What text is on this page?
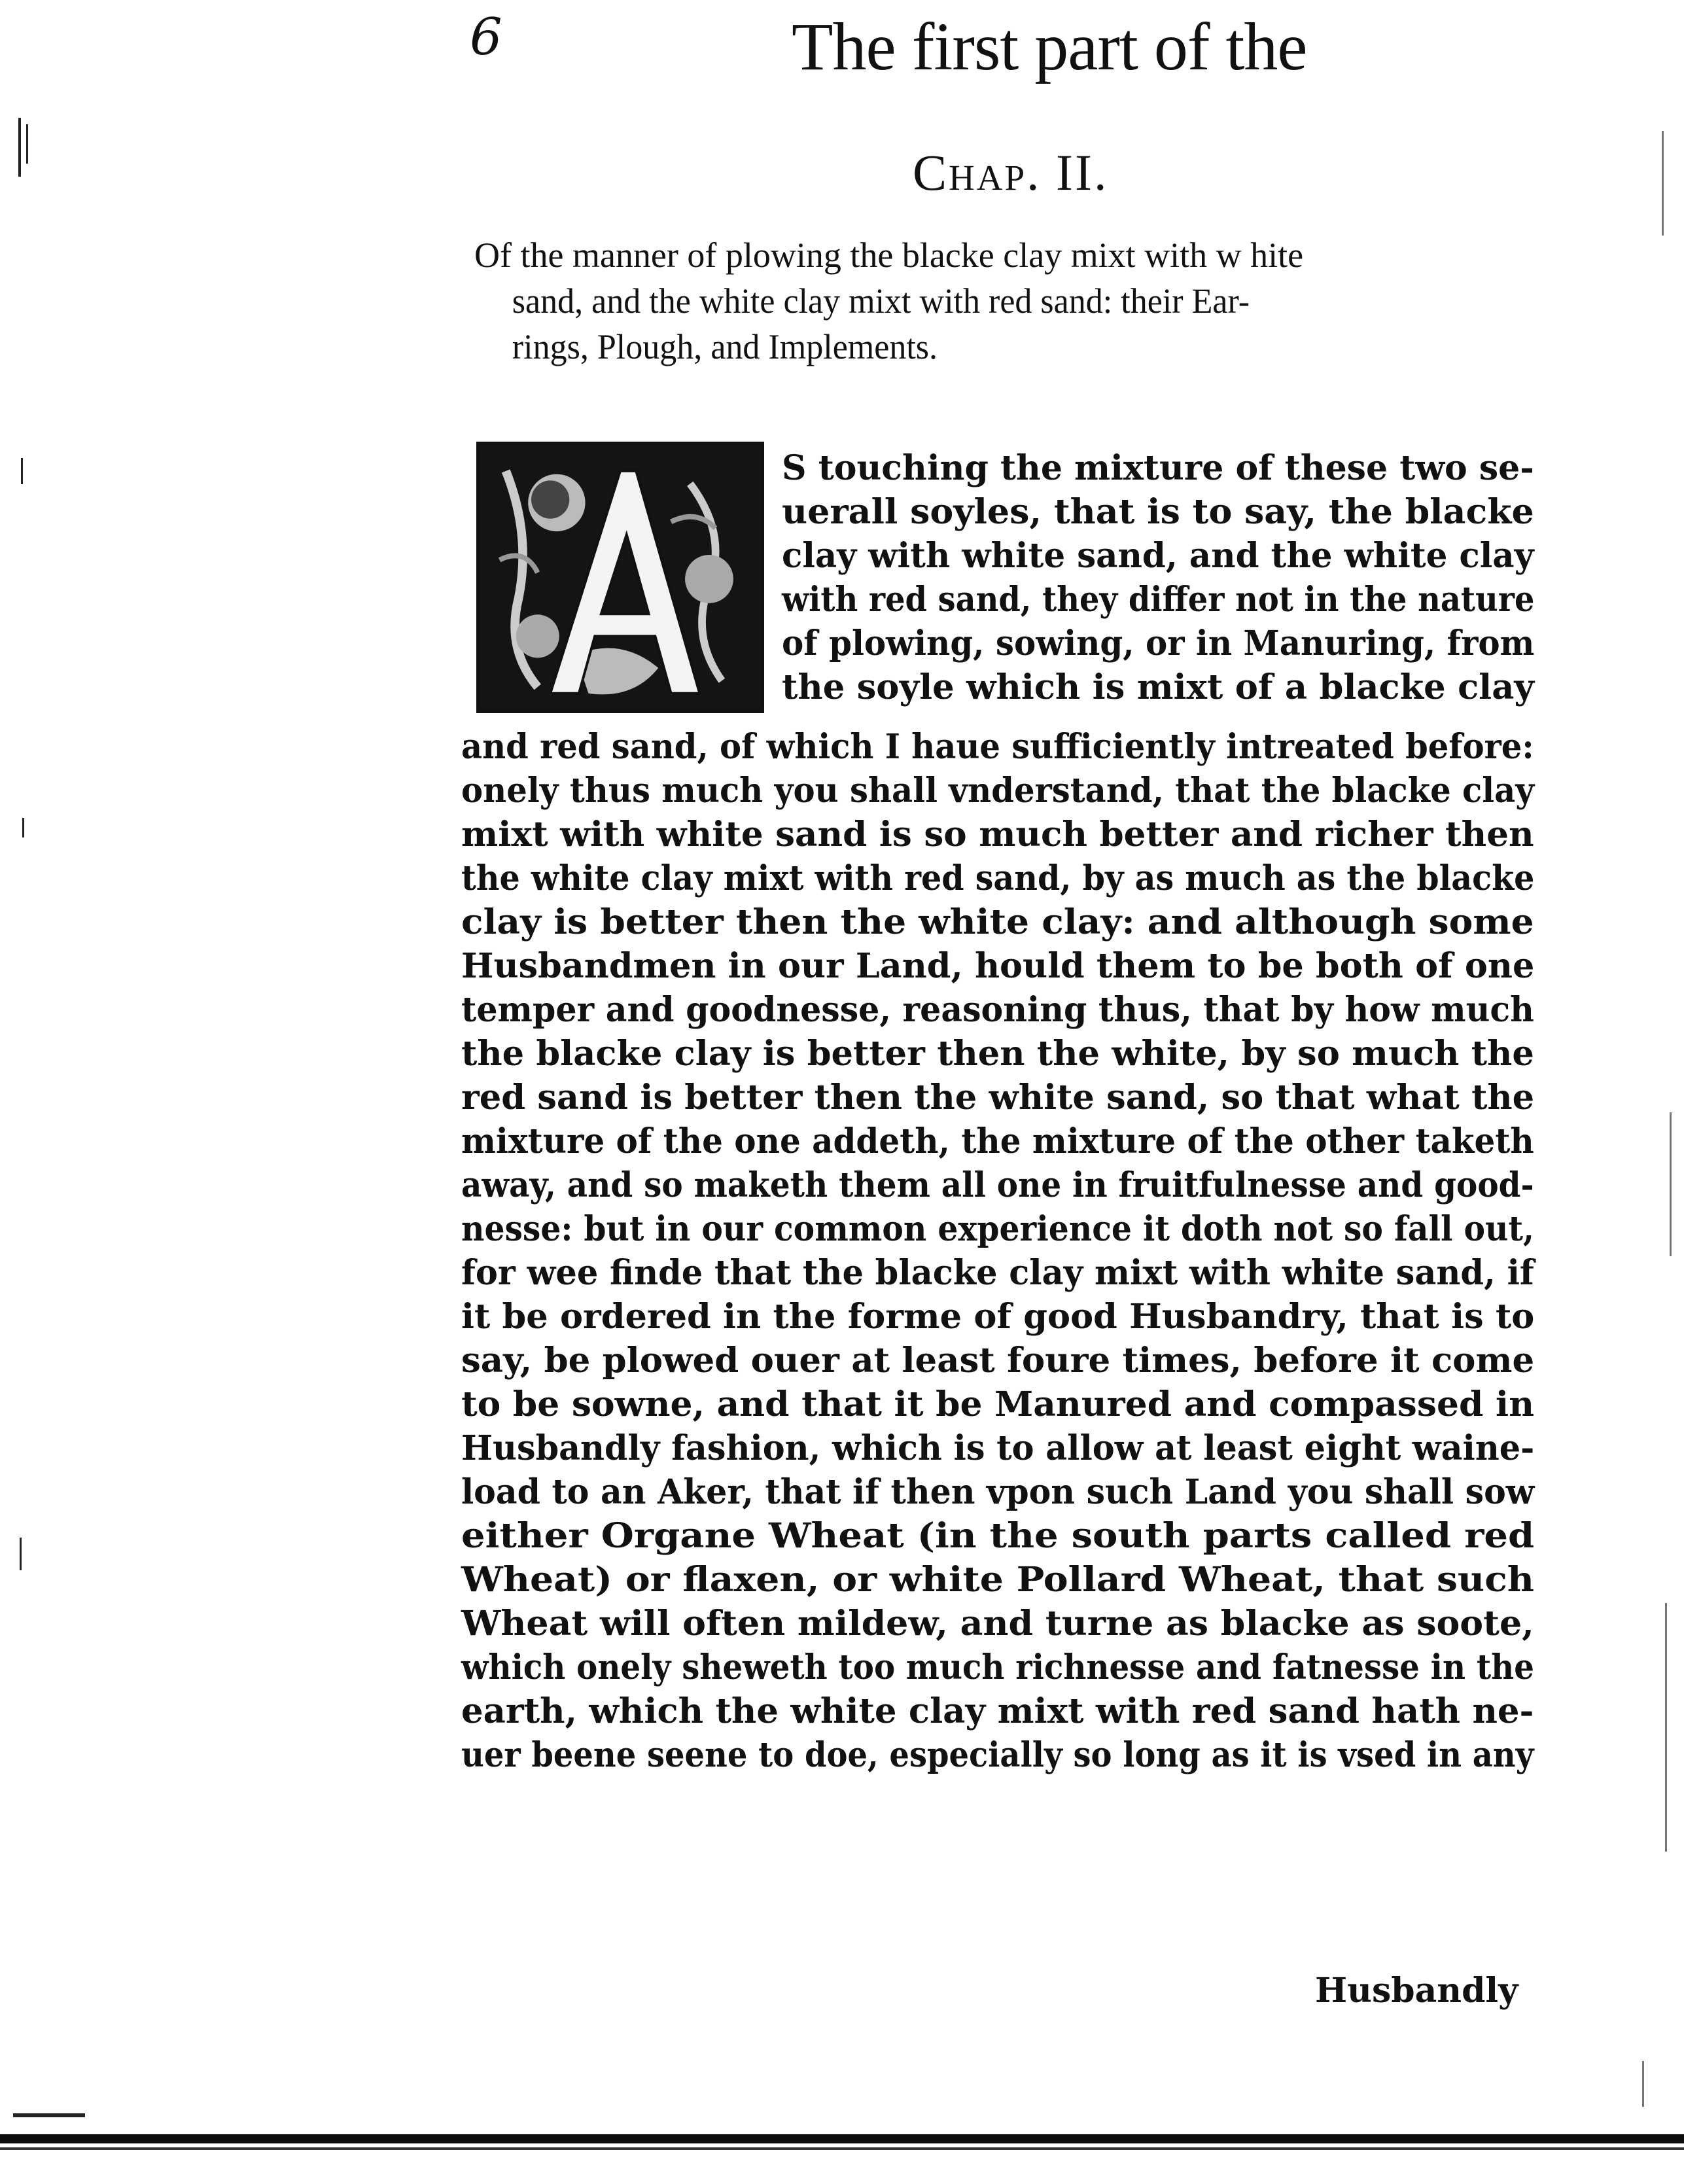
6	The first part of the
Chap. II.
Of the manner of plowing the blacke clay mixt with w hite
sand, and the white clay mixt with red sand: their Ear-
rings, Plough, and Implements.
S touching the mixture of these two se-
uerall soyles, that is to say, the blacke
clay with white sand, and the white clay
with red sand, they differ not in the nature
of plowing, sowing, or in Manuring, from
the soyle which is mixt of a blacke clay
and red sand, of which I haue sufficiently intreated before:
onely thus much you shall vnderstand, that the blacke clay
mixt with white sand is so much better and richer then
the white clay mixt with red sand, by as much as the blacke
clay is better then the white clay: and although some
Husbandmen in our Land, hould them to be both of one
temper and goodnesse, reasoning thus, that by how much
the blacke clay is better then the white, by so much the
red sand is better then the white sand, so that what the
mixture of the one addeth, the mixture of the other taketh
away, and so maketh them all one in fruitfulnesse and good-
nesse: but in our common experience it doth not so fall out,
for wee finde that the blacke clay mixt with white sand, if
it be ordered in the forme of good Husbandry, that is to
say, be plowed ouer at least foure times, before it come
to be sowne, and that it be Manured and compassed in
Husbandly fashion, which is to allow at least eight waine-
load to an Aker, that if then vpon such Land you shall sow
either Organe Wheat (in the south parts called red
Wheat) or flaxen, or white Pollard Wheat, that such
Wheat will often mildew, and turne as blacke as soote,
which onely sheweth too much richnesse and fatnesse in the
earth, which the white clay mixt with red sand hath ne-
uer beene seene to doe, especially so long as it is vsed in any
Husbandly
